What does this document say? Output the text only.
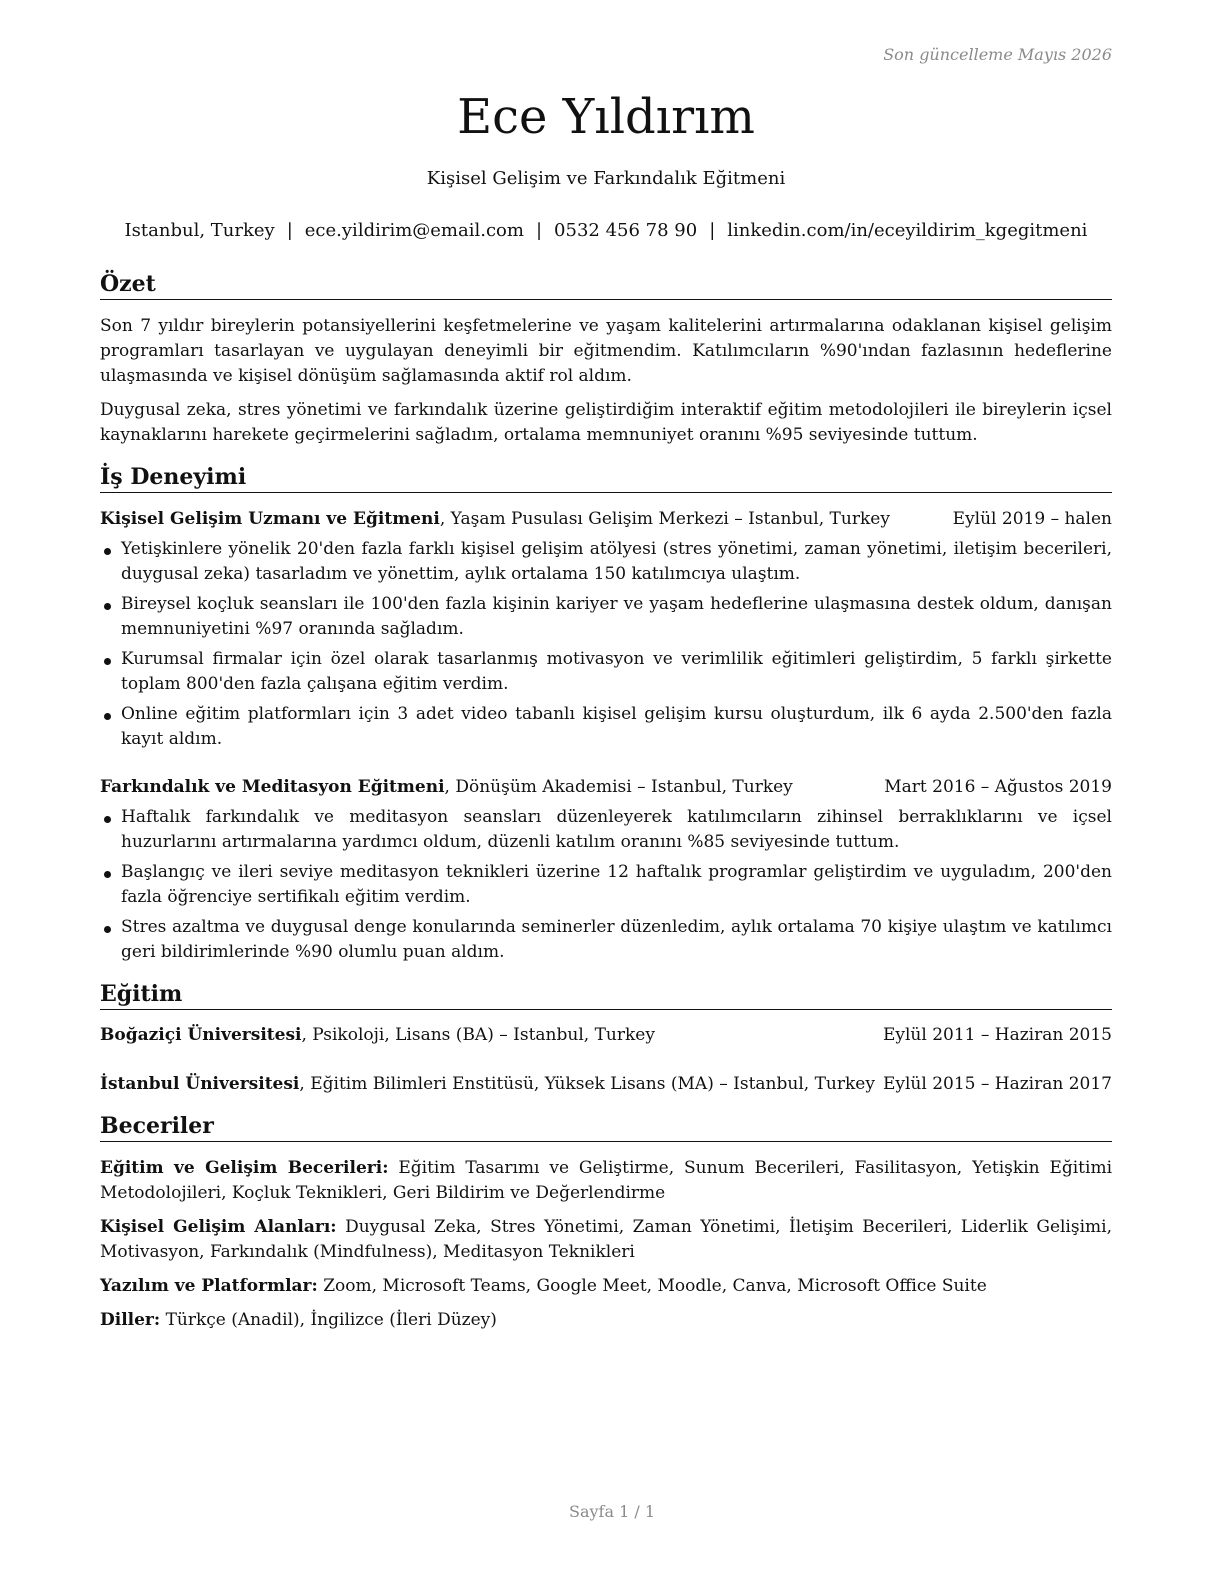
Son güncelleme Mayıs 2026
Ece Yıldırım
Kişisel Gelişim ve Farkındalık Eğitmeni
Istanbul, Turkey | ece.yildirim@email.com | 0532 456 78 90 | linkedin.com/in/eceyildirim_kgegitmeni
Özet

Son 7 yıldır bireylerin potansiyellerini keşfetmelerine ve yaşam kalitelerini artırmalarına odaklanan kişisel gelişim programları tasarlayan ve uygulayan deneyimli bir eğitmendim. Katılımcıların %90'ından fazlasının hedeflerine ulaşmasında ve kişisel dönüşüm sağlamasında aktif rol aldım.

Duygusal zeka, stres yönetimi ve farkındalık üzerine geliştirdiğim interaktif eğitim metodolojileri ile bireylerin içsel kaynaklarını harekete geçirmelerini sağladım, ortalama memnuniyet oranını %95 seviyesinde tuttum.

İş Deneyimi
Kişisel Gelişim Uzmanı ve Eğitmeni, Yaşam Pusulası Gelişim Merkezi – Istanbul, Turkey	Eylül 2019 – halen
Yetişkinlere yönelik 20'den fazla farklı kişisel gelişim atölyesi (stres yönetimi, zaman yönetimi, iletişim becerileri, duygusal zeka) tasarladım ve yönettim, aylık ortalama 150 katılımcıya ulaştım.
Bireysel koçluk seansları ile 100'den fazla kişinin kariyer ve yaşam hedeflerine ulaşmasına destek oldum, danışan memnuniyetini %97 oranında sağladım.
Kurumsal firmalar için özel olarak tasarlanmış motivasyon ve verimlilik eğitimleri geliştirdim, 5 farklı şirkette toplam 800'den fazla çalışana eğitim verdim.
Online eğitim platformları için 3 adet video tabanlı kişisel gelişim kursu oluşturdum, ilk 6 ayda 2.500'den fazla kayıt aldım.
Farkındalık ve Meditasyon Eğitmeni, Dönüşüm Akademisi – Istanbul, Turkey	Mart 2016 – Ağustos 2019
Haftalık farkındalık ve meditasyon seansları düzenleyerek katılımcıların zihinsel berraklıklarını ve içsel huzurlarını artırmalarına yardımcı oldum, düzenli katılım oranını %85 seviyesinde tuttum.
Başlangıç ve ileri seviye meditasyon teknikleri üzerine 12 haftalık programlar geliştirdim ve uyguladım, 200'den fazla öğrenciye sertifikalı eğitim verdim.
Stres azaltma ve duygusal denge konularında seminerler düzenledim, aylık ortalama 70 kişiye ulaştım ve katılımcı geri bildirimlerinde %90 olumlu puan aldım.
Eğitim
Boğaziçi Üniversitesi, Psikoloji, Lisans (BA) – Istanbul, Turkey	Eylül 2011 – Haziran 2015
İstanbul Üniversitesi, Eğitim Bilimleri Enstitüsü, Yüksek Lisans (MA) – Istanbul, Turkey Eylül 2015 – Haziran 2017
Beceriler

Eğitim ve Gelişim Becerileri: Eğitim Tasarımı ve Geliştirme, Sunum Becerileri, Fasilitasyon, Yetişkin Eğitimi Metodolojileri, Koçluk Teknikleri, Geri Bildirim ve Değerlendirme

Kişisel Gelişim Alanları: Duygusal Zeka, Stres Yönetimi, Zaman Yönetimi, İletişim Becerileri, Liderlik Gelişimi, Motivasyon, Farkındalık (Mindfulness), Meditasyon Teknikleri

Yazılım ve Platformlar: Zoom, Microsoft Teams, Google Meet, Moodle, Canva, Microsoft Office Suite

Diller: Türkçe (Anadil), İngilizce (İleri Düzey)

Sayfa 1 / 1
